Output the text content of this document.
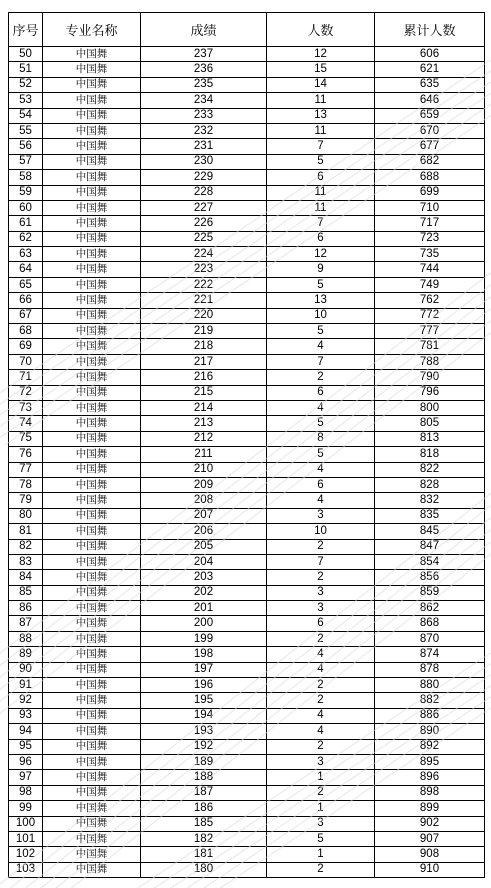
序号	专业名称	成绩	人数	累计人数
50	中国舞	237	12	606
51	中国舞	236	15	621
52	中国舞	235	14	635
53	中国舞	234	11	646
54	中国舞	233	13	659
55	中国舞	232	11	670
56	中国舞	231	7	677
57	中国舞	230	5	682
58	中国舞	229	6	688
59	中国舞	228	11	699
60	中国舞	227	11	710
61	中国舞	226	7	717
62	中国舞	225	6	723
63	中国舞	224	12	735
64	中国舞	223	9	744
65	中国舞	222	5	749
66	中国舞	221	13	762
67	中国舞	220	10	772
68	中国舞	219	5	777
69	中国舞	218	4	781
70	中国舞	217	7	788
71	中国舞	216	2	790
72	中国舞	215	6	796
73	中国舞	214	4	800
74	中国舞	213	5	805
75	中国舞	212	8	813
76	中国舞	211	5	818
77	中国舞	210	4	822
78	中国舞	209	6	828
79	中国舞	208	4	832
80	中国舞	207	3	835
81	中国舞	206	10	845
82	中国舞	205	2	847
83	中国舞	204	7	854
84	中国舞	203	2	856
85	中国舞	202	3	859
86	中国舞	201	3	862
87	中国舞	200	6	868
88	中国舞	199	2	870
89	中国舞	198	4	874
90	中国舞	197	4	878
91	中国舞	196	2	880
92	中国舞	195	2	882
93	中国舞	194	4	886
94	中国舞	193	4	890
95	中国舞	192	2	892
96	中国舞	189	3	895
97	中国舞	188	1	896
98	中国舞	187	2	898
99	中国舞	186	1	899
100	中国舞	185	3	902
101	中国舞	182	5	907
102	中国舞	181	1	908
103	中国舞	180	2	910
